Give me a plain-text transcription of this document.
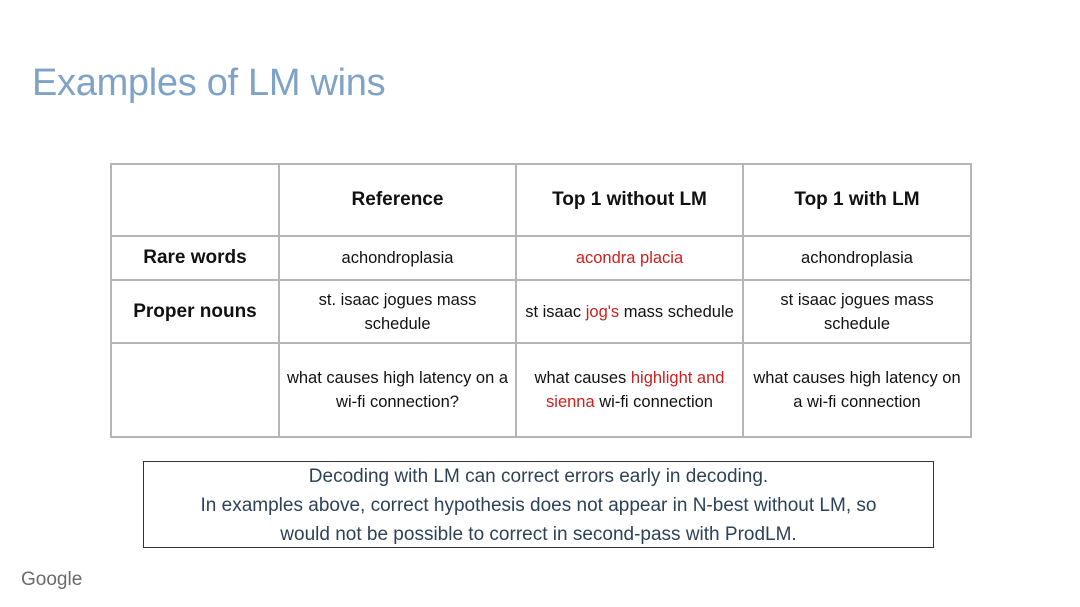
Examples of LM wins
	Reference	Top 1 without LM	Top 1 with LM
Rare words	achondroplasia	acondra placia	achondroplasia
Proper nouns	st. isaac jogues mass schedule	st isaac jog's mass schedule	st isaac jogues mass schedule
	what causes high latency on a wi-fi connection?	what causes highlight and sienna wi-fi connection	what causes high latency on a wi-fi connection
Decoding with LM can correct errors early in decoding.
In examples above, correct hypothesis does not appear in N-best without LM, so
would not be possible to correct in second-pass with ProdLM.
Google
